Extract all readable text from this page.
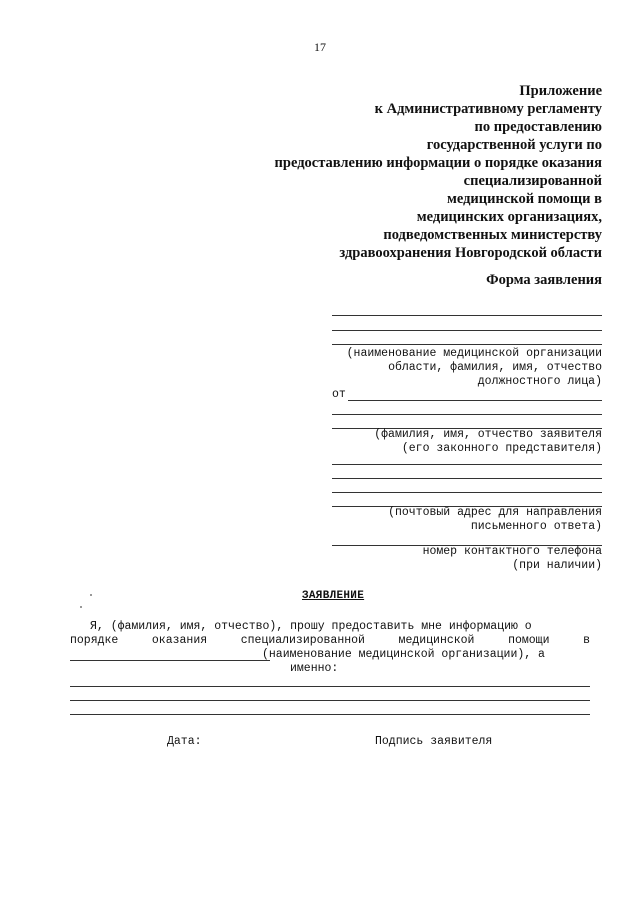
17
Приложение
к Административному регламенту
по предоставлению
государственной услуги по
предоставлению информации о порядке оказания
специализированной
медицинской помощи в
медицинских организациях,
подведомственных министерству
здравоохранения Новгородской области
Форма заявления
(наименование медицинской организации
области, фамилия, имя, отчество
должностного лица)
от
(фамилия, имя, отчество заявителя
(его законного представителя)
(почтовый адрес для направления
письменного ответа)
номер контактного телефона
(при наличии)
ЗАЯВЛЕНИЕ
Я, (фамилия, имя, отчество), прошу предоставить мне информацию о
порядке	оказания	специализированной	медицинской	помощи	в
(наименование медицинской организации), а
именно:
Дата:	Подпись заявителя
